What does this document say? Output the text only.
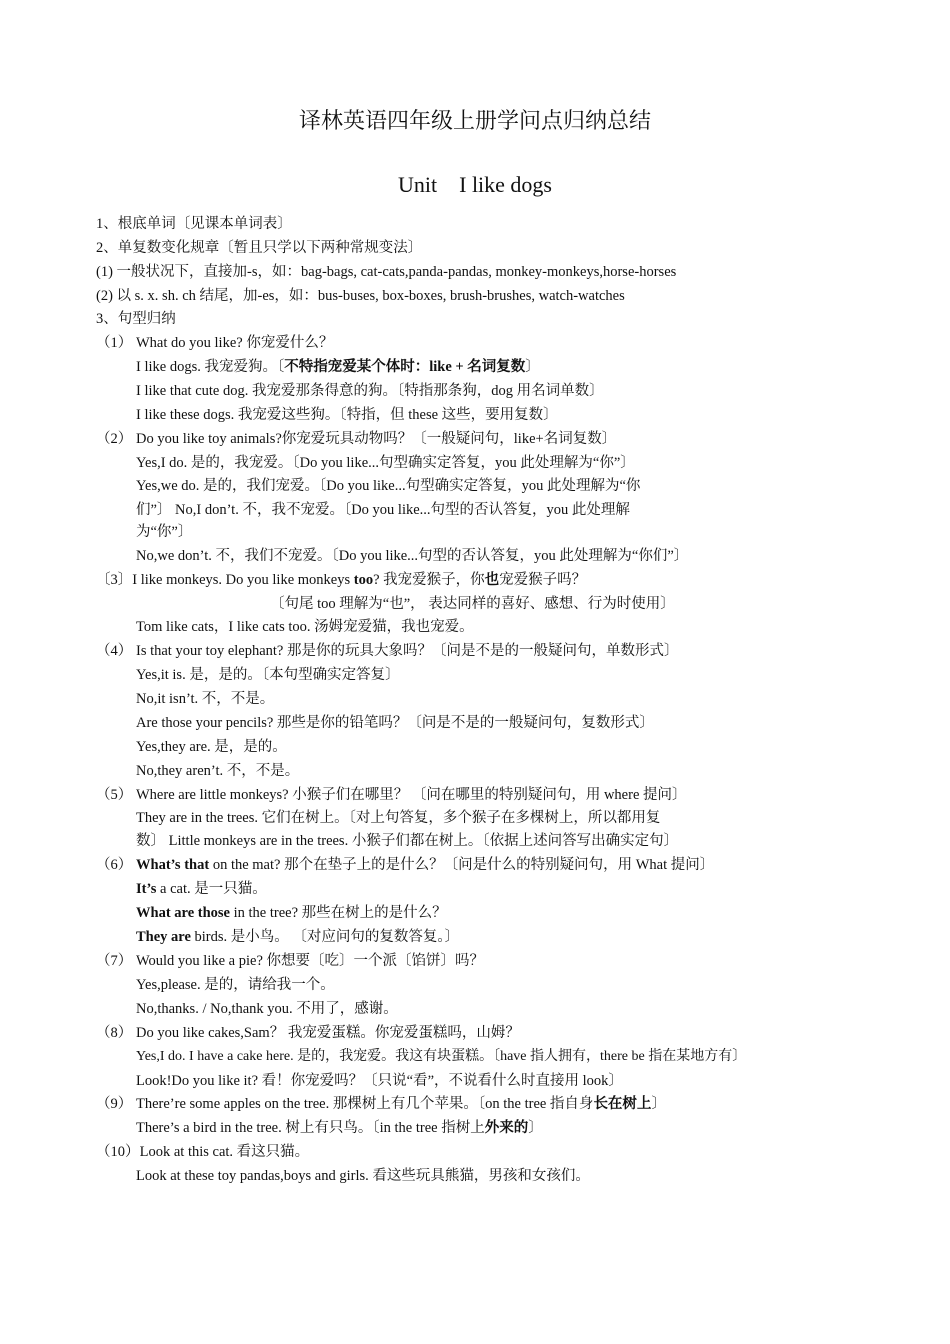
译林英语四年级上册学问点归纳总结
Unit　I like dogs
1、根底单词〔见课本单词表〕
2、单复数变化规章〔暂且只学以下两种常规变法〕
(1) 一般状况下，直接加-s，如：bag-bags, cat-cats,panda-pandas, monkey-monkeys,horse-horses
(2) 以 s. x. sh. ch 结尾，加-es，如：bus-buses, box-boxes, brush-brushes, watch-watches
3、句型归纳
（1） What do you like? 你宠爱什么？
I like dogs. 我宠爱狗。〔不特指宠爱某个体时：like + 名词复数〕
I like that cute dog. 我宠爱那条得意的狗。〔特指那条狗，dog 用名词单数〕
I like these dogs. 我宠爱这些狗。〔特指，但 these 这些，要用复数〕
（2） Do you like toy animals?你宠爱玩具动物吗？〔一般疑问句，like+名词复数〕
Yes,I do. 是的，我宠爱。〔Do you like...句型确实定答复，you 此处理解为“你”〕
Yes,we do. 是的，我们宠爱。〔Do you like...句型确实定答复，you 此处理解为“你
们”〕 No,I don’t. 不，我不宠爱。〔Do you like...句型的否认答复，you 此处理解
为“你”〕
No,we don’t. 不，我们不宠爱。〔Do you like...句型的否认答复，you 此处理解为“你们”〕
〔3〕I like monkeys. Do you like monkeys too? 我宠爱猴子，你也宠爱猴子吗？
〔句尾 too 理解为“也”， 表达同样的喜好、感想、行为时使用〕
Tom like cats，I like cats too. 汤姆宠爱猫，我也宠爱。
（4） Is that your toy elephant? 那是你的玩具大象吗？〔问是不是的一般疑问句，单数形式〕
Yes,it is. 是，是的。〔本句型确实定答复〕
No,it isn’t. 不，不是。
Are those your pencils? 那些是你的铅笔吗？〔问是不是的一般疑问句，复数形式〕
Yes,they are. 是，是的。
No,they aren’t. 不，不是。
（5） Where are little monkeys? 小猴子们在哪里？ 〔问在哪里的特别疑问句，用 where 提问〕
They are in the trees. 它们在树上。〔对上句答复，多个猴子在多棵树上，所以都用复
数〕 Little monkeys are in the trees. 小猴子们都在树上。〔依据上述问答写出确实定句〕
（6） What’s that on the mat? 那个在垫子上的是什么？〔问是什么的特别疑问句，用 What 提问〕
It’s a cat. 是一只猫。
What are those in the tree? 那些在树上的是什么？
They are birds. 是小鸟。 〔对应问句的复数答复。〕
（7） Would you like a pie? 你想要〔吃〕一个派〔馅饼〕吗？
Yes,please. 是的，请给我一个。
No,thanks. / No,thank you. 不用了，感谢。
（8） Do you like cakes,Sam？ 我宠爱蛋糕。你宠爱蛋糕吗，山姆？
Yes,I do. I have a cake here. 是的，我宠爱。我这有块蛋糕。〔have 指人拥有，there be 指在某地方有〕
Look!Do you like it? 看！你宠爱吗？〔只说“看”，不说看什么时直接用 look〕
（9） There’re some apples on the tree. 那棵树上有几个苹果。〔on the tree 指自身长在树上〕
There’s a bird in the tree. 树上有只鸟。〔in the tree 指树上外来的〕
（10） Look at this cat. 看这只猫。
Look at these toy pandas,boys and girls. 看这些玩具熊猫，男孩和女孩们。
